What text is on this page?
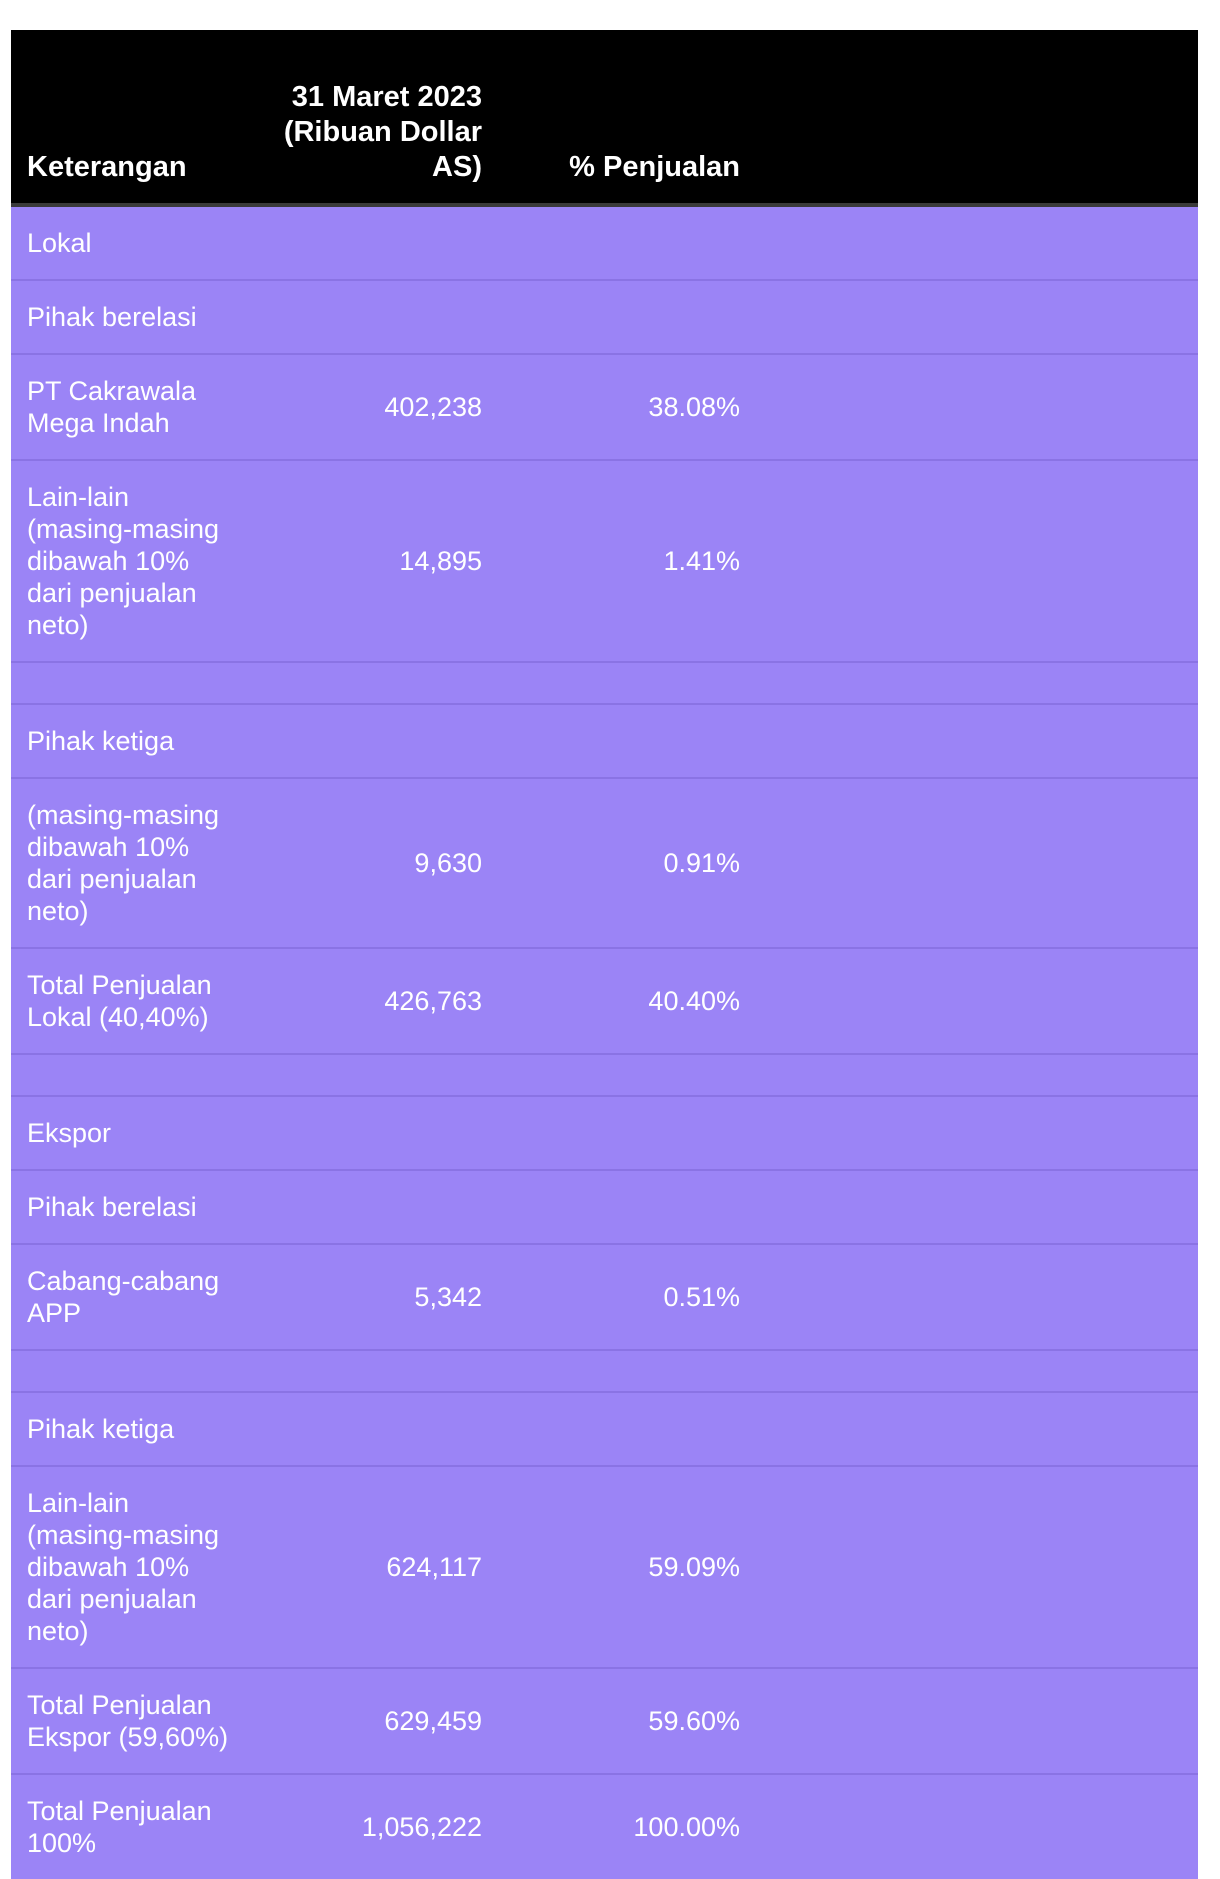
Keterangan	31 Maret 2023 (Ribuan Dollar AS)	% Penjualan	
Lokal			
Pihak berelasi			
PT Cakrawala Mega Indah	402,238	38.08%	
Lain-lain (masing-masing dibawah 10% dari penjualan neto)	14,895	1.41%	

Pihak ketiga			
(masing-masing dibawah 10% dari penjualan neto)	9,630	0.91%	
Total Penjualan Lokal (40,40%)	426,763	40.40%	

Ekspor			
Pihak berelasi			
Cabang-cabang APP	5,342	0.51%	

Pihak ketiga			
Lain-lain (masing-masing dibawah 10% dari penjualan neto)	624,117	59.09%	
Total Penjualan Ekspor (59,60%)	629,459	59.60%	
Total Penjualan 100%	1,056,222	100.00%	
